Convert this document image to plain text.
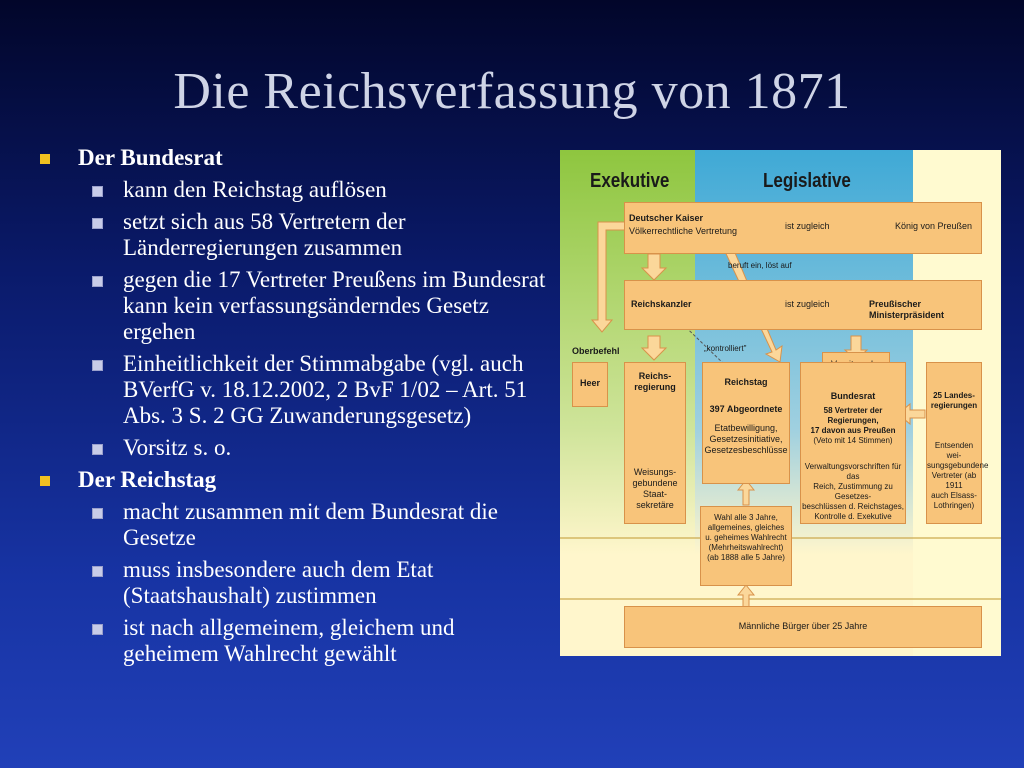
Die Reichsverfassung von 1871
Der Bundesrat
kann den Reichstag auflösen
setzt sich aus 58 Vertretern der Länderregierungen zusammen
gegen die 17 Vertreter Preußens im Bundesrat kann kein verfassungsänderndes Gesetz ergehen
Einheitlichkeit der Stimmabgabe (vgl. auch BVerfG v. 18.12.2002, 2 BvF 1/02 – Art. 51 Abs. 3 S. 2 GG Zuwanderungsgesetz)
Vorsitz s. o.
Der Reichstag
macht zusammen mit dem Bundesrat die Gesetze
muss insbesondere auch dem Etat (Staatshaushalt) zustimmen
ist nach allgemeinem, gleichem und geheimem Wahlrecht gewählt
Exekutive	Legislative
Deutscher Kaiser
Völkerrechtliche Vertretung	ist zugleich	König von Preußen
beruft ein, löst auf
Reichskanzler	ist zugleich	Preußischer Ministerpräsident
Oberbefehl	„kontrolliert"
Heer
Reichs-
regierung
Weisungs-
gebundene
Staat-
sekretäre
Reichstag
397 Abgeordnete
Etatbewilligung,
Gesetzesinitiative,
Gesetzesbeschlüsse
Bundesrat
58 Vertreter der Regierungen,
17 davon aus Preußen
(Veto mit 14 Stimmen)
Verwaltungsvorschriften für das
Reich, Zustimmung zu Gesetzes-
beschlüssen d. Reichstages,
Kontrolle d. Exekutive
25 Landes-
regierungen
Entsenden wei-
sungsgebundene
Vertreter (ab 1911
auch Elsass-
Lothringen)
Wahl alle 3 Jahre,
allgemeines, gleiches
u. geheimes Wahlrecht
(Mehrheitswahlrecht)
(ab 1888 alle 5 Jahre)
Männliche Bürger über 25 Jahre
